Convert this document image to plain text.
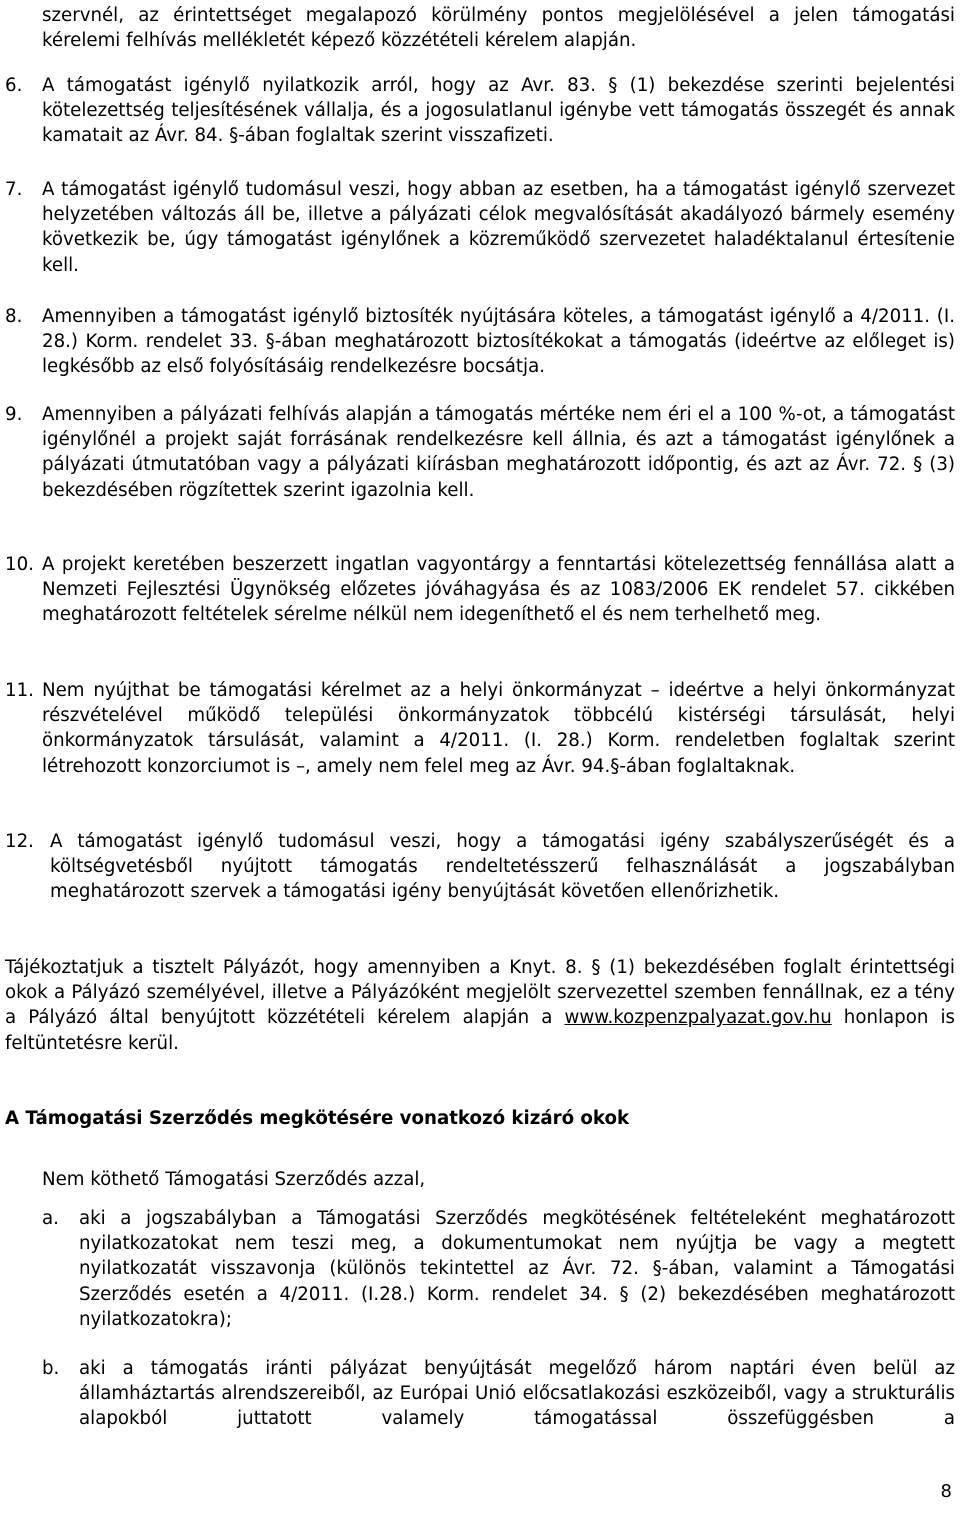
szervnél, az érintettséget megalapozó körülmény pontos megjelölésével a jelen támogatási kérelemi felhívás mellékletét képező közzétételi kérelem alapján.

6.	A támogatást igénylő nyilatkozik arról, hogy az Avr. 83. § (1) bekezdése szerinti bejelentési kötelezettség teljesítésének vállalja, és a jogosulatlanul igénybe vett támogatás összegét és annak kamatait az Ávr. 84. §-ában foglaltak szerint visszafizeti.
7.	A támogatást igénylő tudomásul veszi, hogy abban az esetben, ha a támogatást igénylő szervezet helyzetében változás áll be, illetve a pályázati célok megvalósítását akadályozó bármely esemény következik be, úgy támogatást igénylőnek a közreműködő szervezetet haladéktalanul értesítenie kell.
8.	Amennyiben a támogatást igénylő biztosíték nyújtására köteles, a támogatást igénylő a 4/2011. (I. 28.) Korm. rendelet 33. §-ában meghatározott biztosítékokat a támogatás (ideértve az előleget is) legkésőbb az első folyósításáig rendelkezésre bocsátja.
9.	Amennyiben a pályázati felhívás alapján a támogatás mértéke nem éri el a 100 %-ot, a támogatást igénylőnél a projekt saját forrásának rendelkezésre kell állnia, és azt a támogatást igénylőnek a pályázati útmutatóban vagy a pályázati kiírásban meghatározott időpontig, és azt az Ávr. 72. § (3) bekezdésében rögzítettek szerint igazolnia kell.
10. A projekt keretében beszerzett ingatlan vagyontárgy a fenntartási kötelezettség fennállása alatt a Nemzeti Fejlesztési Ügynökség előzetes jóváhagyása és az 1083/2006 EK rendelet 57. cikkében meghatározott feltételek sérelme nélkül nem idegeníthető el és nem terhelhető meg.
11. Nem nyújthat be támogatási kérelmet az a helyi önkormányzat – ideértve a helyi önkormányzat részvételével működő települési önkormányzatok többcélú kistérségi társulását, helyi önkormányzatok társulását, valamint a 4/2011. (I. 28.) Korm. rendeletben foglaltak szerint létrehozott konzorciumot is –, amely nem felel meg az Ávr. 94.§-ában foglaltaknak.
12. A támogatást igénylő tudomásul veszi, hogy a támogatási igény szabályszerűségét és a költségvetésből nyújtott támogatás rendeltetésszerű felhasználását a jogszabályban meghatározott szervek a támogatási igény benyújtását követően ellenőrizhetik.

Tájékoztatjuk a tisztelt Pályázót, hogy amennyiben a Knyt. 8. § (1) bekezdésében foglalt érintettségi okok a Pályázó személyével, illetve a Pályázóként megjelölt szervezettel szemben fennállnak, ez a tény a Pályázó által benyújtott közzétételi kérelem alapján a www.kozpenzpalyazat.gov.hu honlapon is feltüntetésre kerül.

A Támogatási Szerződés megkötésére vonatkozó kizáró okok

Nem köthető Támogatási Szerződés azzal,

a.	aki a jogszabályban a Támogatási Szerződés megkötésének feltételeként meghatározott nyilatkozatokat nem teszi meg, a dokumentumokat nem nyújtja be vagy a megtett nyilatkozatát visszavonja (különös tekintettel az Ávr. 72. §-ában, valamint a Támogatási Szerződés esetén a 4/2011. (I.28.) Korm. rendelet 34. § (2) bekezdésében meghatározott nyilatkozatokra);
b.	aki a támogatás iránti pályázat benyújtását megelőző három naptári éven belül az államháztartás alrendszereiből, az Európai Unió előcsatlakozási eszközeiből, vagy a strukturális alapokból juttatott valamely támogatással összefüggésben a
8
